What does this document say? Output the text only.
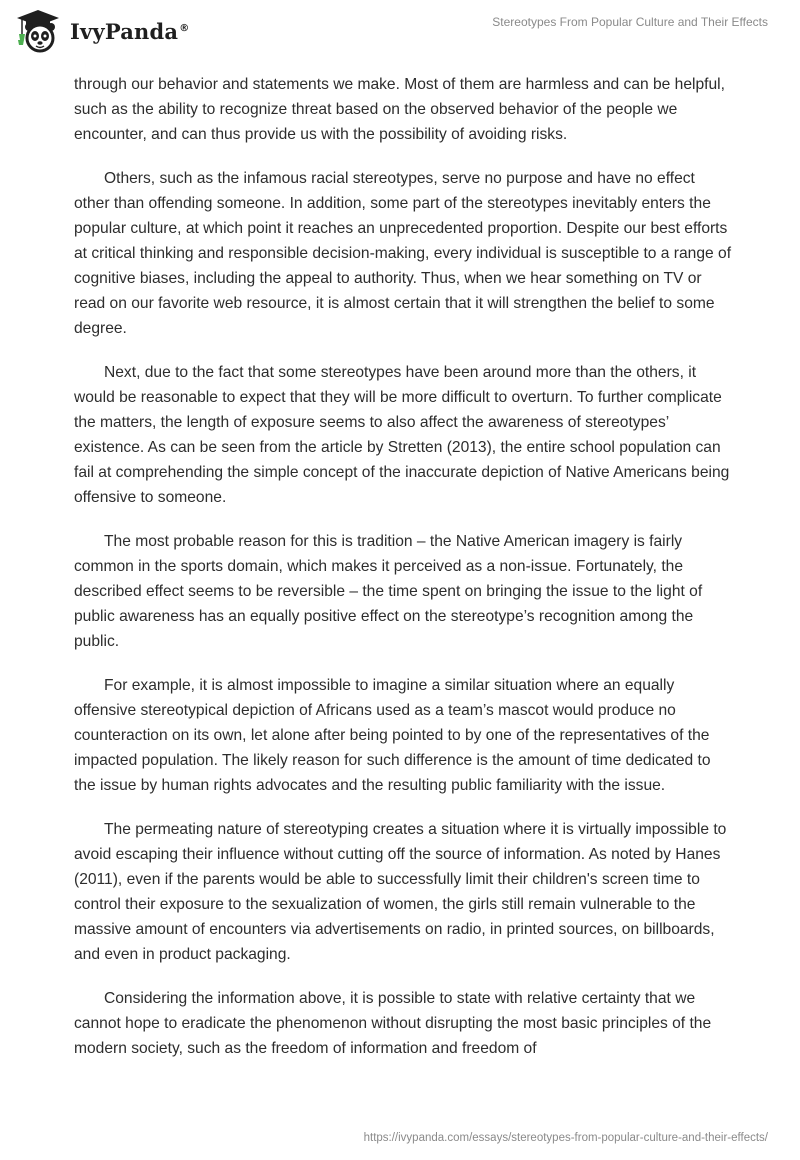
IvyPanda®	Stereotypes From Popular Culture and Their Effects

through our behavior and statements we make. Most of them are harmless and can be helpful, such as the ability to recognize threat based on the observed behavior of the people we encounter, and can thus provide us with the possibility of avoiding risks.

Others, such as the infamous racial stereotypes, serve no purpose and have no effect other than offending someone. In addition, some part of the stereotypes inevitably enters the popular culture, at which point it reaches an unprecedented proportion. Despite our best efforts at critical thinking and responsible decision-making, every individual is susceptible to a range of cognitive biases, including the appeal to authority. Thus, when we hear something on TV or read on our favorite web resource, it is almost certain that it will strengthen the belief to some degree.

Next, due to the fact that some stereotypes have been around more than the others, it would be reasonable to expect that they will be more difficult to overturn. To further complicate the matters, the length of exposure seems to also affect the awareness of stereotypes’ existence. As can be seen from the article by Stretten (2013), the entire school population can fail at comprehending the simple concept of the inaccurate depiction of Native Americans being offensive to someone.

The most probable reason for this is tradition – the Native American imagery is fairly common in the sports domain, which makes it perceived as a non-issue. Fortunately, the described effect seems to be reversible – the time spent on bringing the issue to the light of public awareness has an equally positive effect on the stereotype’s recognition among the public.

For example, it is almost impossible to imagine a similar situation where an equally offensive stereotypical depiction of Africans used as a team’s mascot would produce no counteraction on its own, let alone after being pointed to by one of the representatives of the impacted population. The likely reason for such difference is the amount of time dedicated to the issue by human rights advocates and the resulting public familiarity with the issue.

The permeating nature of stereotyping creates a situation where it is virtually impossible to avoid escaping their influence without cutting off the source of information. As noted by Hanes (2011), even if the parents would be able to successfully limit their children's screen time to control their exposure to the sexualization of women, the girls still remain vulnerable to the massive amount of encounters via advertisements on radio, in printed sources, on billboards, and even in product packaging.

Considering the information above, it is possible to state with relative certainty that we cannot hope to eradicate the phenomenon without disrupting the most basic principles of the modern society, such as the freedom of information and freedom of

https://ivypanda.com/essays/stereotypes-from-popular-culture-and-their-effects/
